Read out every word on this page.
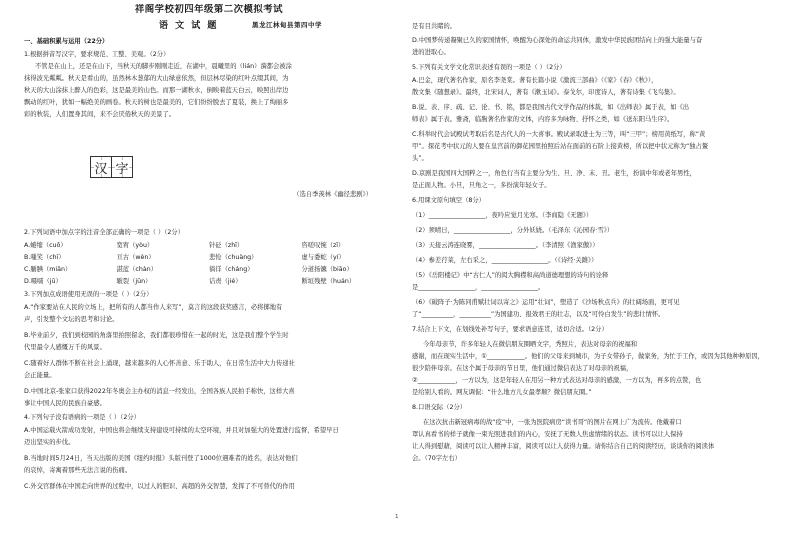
祥阁学校初四年级第二次模拟考试
语 文 试 题	黑龙江林甸县第四中学
一、基础积累与运用（22分）
1.根据拼音写汉字，要求规范、工整、美观。（2分）
不管是在山上，还是在山下，当秋天的脚步刚刚走近，在湖中，晨曦里的（lián）漪都会被涂
抹得波光粼粼。秋天是看山的，虽然林木葱郁的大山绿意依然，但层林尽染的红叶点缀其间，为
秋天的大山涂抹上醉人的色彩，这是最美的山色。而那一湖秋水，倒映着蓝天白云，映照出岸边
飘动的红叶，犹如一幅绝美的画卷。秋天的树也是最美的，它们纷纷脱去了夏装，换上了绚丽多
彩的秋装，人们置身其间，来不会厌倦秋天的美景了。
汉 字
（选自季羡林《幽径悲剧》）
2.下列词语中加点字的注音全部正确的一项是（ ）（2分）
A.蜷缩（cuō）	宽宥（yòu）	针砭（zhī）	咨嗟叹惋（zī）
B.嗤笑（chī）	亘古（wèn）	悲怆（chuàng）	虚与委蛇（yí）
C.腼腆（miǎn）	湛蓝（chàn）	徜徉（cháng）	分道扬镳（biāo）
D.嗫嚅（jū）	皲裂（jūn）	诘责（jié）	断垣残壁（huán）
3.下列加点成语使用无误的一项是（ ）（2分）
A.“作家要站在人民的立场上，把所有的人都当作人来写”，莫言的这段获奖感言，必将掷地有
声，引发整个文坛的思考和讨论。
B.毕业前夕，我们到校园的角落里拍照留念，我们都很珍惜在一起的时光，这是我们整个学生时
代里最令人感慨万千的风景。
C.随着好人群体不断在社会上涌现，越来越多的人心怀善意、乐于助人，在日常生活中大力传递社
会正能量。
D.中国北京-张家口获得2022年冬奥会主办权的消息一经发出，全国各族人民拍手称快，这样大喜
事让中国人民的民族自豪感。
4.下列句子没有语病的一项是（ ）（2分）
A.中国运载火箭成功发射，中国也将会继续支持建设可持续的太空环境，并且对加强大的处置进行监督，希望早日
迈出坚实的步伐。
B.当地时间5月24日，当天出版的美国《纽约时报》头版刊登了1000位遇难者的姓名，表达对他们
的哀悼，寄寓着那些无法言说的伤痛。
C.外交官群体在中国走向世界的过程中，以过人的胆识、高超的外交智慧，发挥了不可替代的作用
是有目共睹的。
D.中国梦传递凝聚已久的家国情怀，唤醒为心深处的命运共同体，激发中华民族团结向上的强大能量与奋
进的进取心。
5.下列有关文学文化常识表述有误的一项是（ ）（2分）
A.巴金，现代著名作家，原名李尧棠。著有长篇小说《激流三部曲》（《家》《春》《秋》），
散文集《随想录》。最终，北宋词人，著有《漱玉词》。泰戈尔，印度诗人，著有诗集《飞鸟集》。
B.说、表、序、疏、记、论、书、铭，都是我国古代文学作品的体裁，如《出师表》属于表，如《出
师表》属于表。雅斋，临朐著名作家的文体，内容多为咏物、抒怀之类，如《送东阳马生序》。
C.科举时代会试殿试考取后名是古代人的一大喜事。殿试录取进士为三等，叫“三甲”；榜用黄纸写，称“黄
甲”。探花考中状元的人要在皇宫前的御花园里拍照后站在面前的石阶上接黄榜，所以把中状元称为“独占鳌
头”。
D.京剧是我国四大国粹之一，角色行当有主要分为生、旦、净、末、丑。老生，扮演中年或老年男性，
是正面人物。小旦，旦角之一，多扮演年轻女子。
6.用课文原句填空（8分）
（1）__________________，夜吟应觉月光寒。（李商隐《无题》）
（2）须晴日，__________________，分外妖娆。（毛泽东《沁园春·雪》）
（3）天接云涛连晓雾，__________________。（李清照《渔家傲》）
（4）参差荇菜，左右采之，__________________。（《诗经·关雎》）
（5）《岳阳楼记》中“古仁人”的闳大胸襟和高尚道德理想的诗句的诠释
是__________________，__________________。
（6）《破阵子·为陈同甫赋壮词以寄之》运用“壮词”，塑造了《沙场秋点兵》的壮阔场面，更可见
了“__________，__________”为国建功、报效君王的壮志，以及“可怜白发生”的悲壮情怀。
7.结合上下文，在划线处补写句子，要求语意连贯，适切合适。（2分）
今年母亲节，许多年轻人在微信朋友圈晒文字，秀照片，表达对母亲的祝福和
感谢，而在现实生活中，①____________。他们的父母来到城市，为子女带孙子，做家务，为忙于工作，或因为其他种种原因，
很少陪伴母亲。在这个属于母亲的节日里，他们通过微信表达了对母亲的祝福，
②____________，一方以为，这是年轻人在用另一种方式表达对母亲的感激，一方以为，再多的点赞，也
是给别人看的。网友调侃：“什么地方儿女最孝顺？微信朋友圈。”
8.口语交际（2分）
在这次抗击新冠病毒的战“疫”中，一张为医院病房“读书哥”的图片在网上广为流传。他戴着口
罩认真看书的样子就像一束光照进我们的内心，安抚了无数人焦虑情绪的状态。读书可以让人保持
让人得到慰藉，阅读可以让人精神丰富，阅读可以让人获得力量。请你结合自己的阅读经历，谈谈你的阅读体
会。（70字左右）
1
